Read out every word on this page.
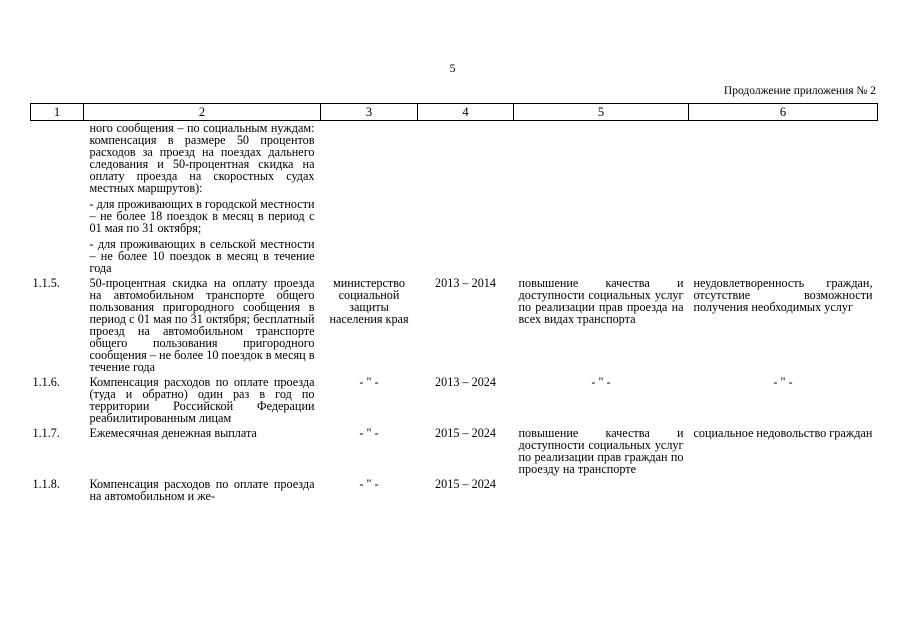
5
Продолжение приложения № 2
1	2	3	4	5	6

	ного сообщения – по социальным нуждам: компенсация в размере 50 процентов расходов за проезд на поездах дальнего следования и 50-процентная скидка на оплату проезда на скоростных судах местных маршрутов):
- для проживающих в городской местности – не более 18 поездок в месяц в период с 01 мая по 31 октября;
- для проживающих в сельской местности – не более 10 поездок в месяц в течение года				

1.1.5.	50-процентная скидка на оплату проезда на автомобильном транспорте общего пользования пригородного сообщения в период с 01 мая по 31 октября; бесплатный проезд на автомобильном транспорте общего пользования пригородного сообщения – не более 10 поездок в месяц в течение года	министерство социальной защиты населения края	2013 – 2014	повышение качества и доступности социальных услуг по реализации прав проезда на всех видах транспорта	неудовлетворенность граждан, отсутствие возможности получения необходимых услуг
1.1.6.	Компенсация расходов по оплате проезда (туда и обратно) один раз в год по территории Российской Федерации реабилитированным лицам	- " -	2013 – 2024	- " -	- " -
1.1.7.	Ежемесячная денежная выплата	- " -	2015 – 2024	повышение качества и доступности социальных услуг по реализации прав граждан по проезду на транспорте	социальное недовольство граждан
1.1.8.	Компенсация расходов по оплате проезда на автомобильном и же-	- " -	2015 – 2024		
